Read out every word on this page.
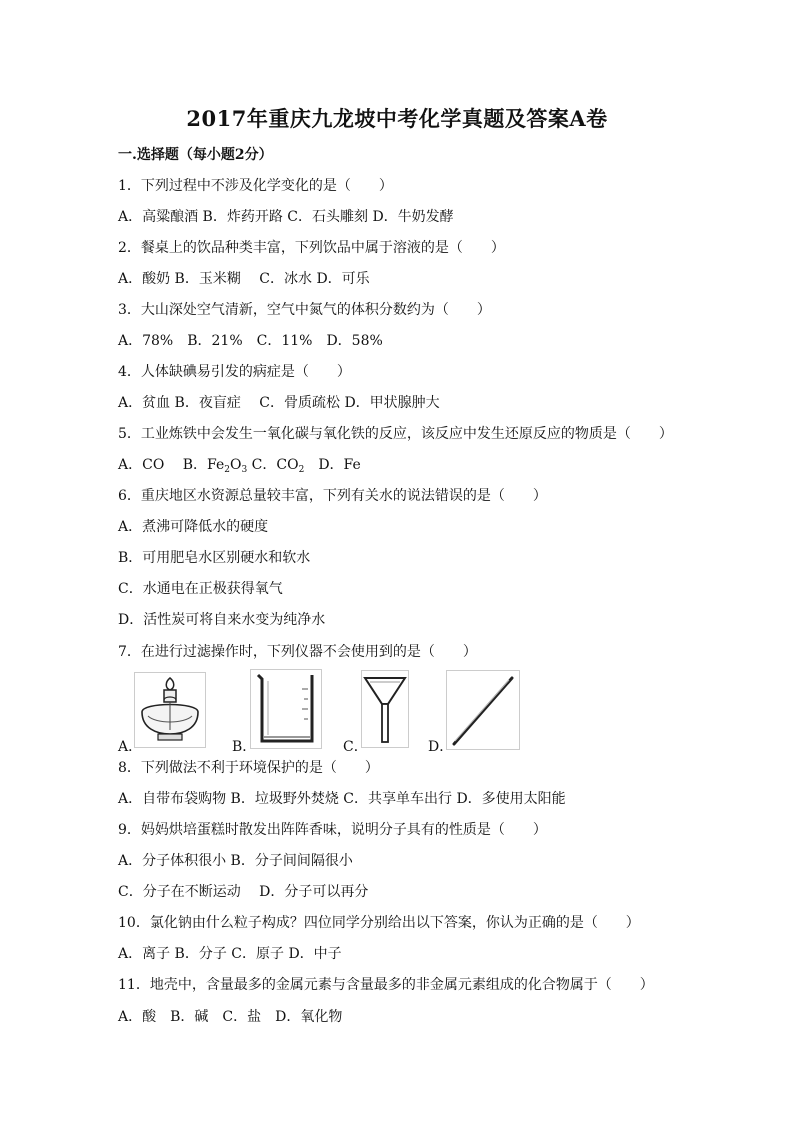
2017年重庆九龙坡中考化学真题及答案A卷
一.选择题（每小题2分）
1．下列过程中不涉及化学变化的是（　　）
A．高粱酿酒 B．炸药开路 C．石头雕刻 D．牛奶发酵
2．餐桌上的饮品种类丰富，下列饮品中属于溶液的是（　　）
A．酸奶 B．玉米糊　 C．冰水 D．可乐
3．大山深处空气清新，空气中氮气的体积分数约为（　　）
A．78%　B．21%　C．11%　D．58%
4．人体缺碘易引发的病症是（　　）
A．贫血 B．夜盲症　 C．骨质疏松 D．甲状腺肿大
5．工业炼铁中会发生一氧化碳与氧化铁的反应，该反应中发生还原反应的物质是（　　）
A．CO　 B．$Fe_2O_3$ C．$CO_2$　D．Fe
6．重庆地区水资源总量较丰富，下列有关水的说法错误的是（　　）
A．煮沸可降低水的硬度
B．可用肥皂水区别硬水和软水
C．水通电在正极获得氧气
D．活性炭可将自来水变为纯净水
7．在进行过滤操作时，下列仪器不会使用到的是（　　）
A．	B．	C．	D．
8．下列做法不利于环境保护的是（　　）
A．自带布袋购物 B．垃圾野外焚烧 C．共享单车出行 D．多使用太阳能
9．妈妈烘培蛋糕时散发出阵阵香味，说明分子具有的性质是（　　）
A．分子体积很小 B．分子间间隔很小
C．分子在不断运动　 D．分子可以再分
10．氯化钠由什么粒子构成？四位同学分别给出以下答案，你认为正确的是（　　）
A．离子 B．分子 C．原子 D．中子
11．地壳中，含量最多的金属元素与含量最多的非金属元素组成的化合物属于（　　）
A．酸　B．碱　C．盐　D．氧化物
